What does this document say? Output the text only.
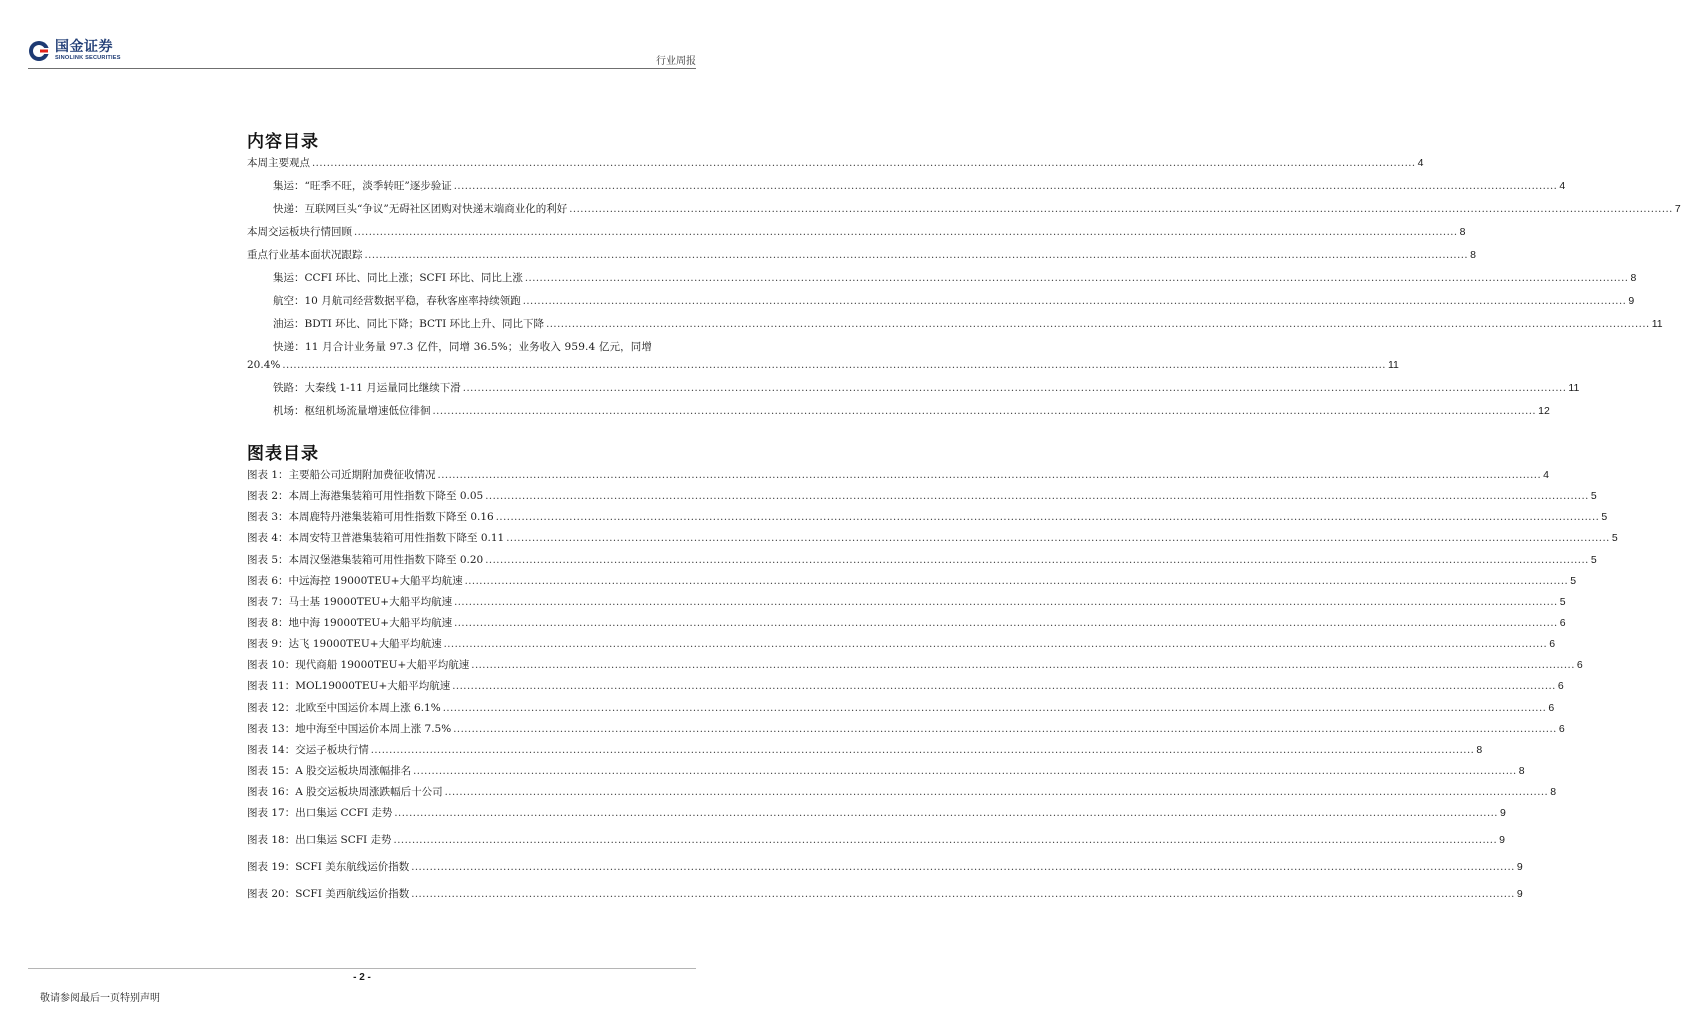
国金证券
SINOLINK SECURITIES	行业周报
内容目录
本周主要观点 ............................................................................................................................................................................................................................................................................................................ 4
集运：“旺季不旺，淡季转旺”逐步验证 ............................................................................................................................................................................................................................................................................................................ 4
快递：互联网巨头“争议”无碍社区团购对快递末端商业化的利好 ............................................................................................................................................................................................................................................................................................................ 7
本周交运板块行情回顾 ............................................................................................................................................................................................................................................................................................................ 8
重点行业基本面状况跟踪 ............................................................................................................................................................................................................................................................................................................ 8
集运：CCFI 环比、同比上涨；SCFI 环比、同比上涨 ............................................................................................................................................................................................................................................................................................................ 8
航空：10 月航司经营数据平稳，春秋客座率持续领跑 ............................................................................................................................................................................................................................................................................................................ 9
油运：BDTI 环比、同比下降；BCTI 环比上升、同比下降 ............................................................................................................................................................................................................................................................................................................ 11
快递：11 月合计业务量 97.3 亿件，同增 36.5%；业务收入 959.4 亿元，同增
20.4% ............................................................................................................................................................................................................................................................................................................ 11
铁路：大秦线 1-11 月运量同比继续下滑 ............................................................................................................................................................................................................................................................................................................ 11
机场：枢纽机场流量增速低位徘徊 ............................................................................................................................................................................................................................................................................................................ 12
图表目录
图表 1：主要船公司近期附加费征收情况 ............................................................................................................................................................................................................................................................................................................ 4
图表 2：本周上海港集装箱可用性指数下降至 0.05 ............................................................................................................................................................................................................................................................................................................ 5
图表 3：本周鹿特丹港集装箱可用性指数下降至 0.16 ............................................................................................................................................................................................................................................................................................................ 5
图表 4：本周安特卫普港集装箱可用性指数下降至 0.11 ............................................................................................................................................................................................................................................................................................................ 5
图表 5：本周汉堡港集装箱可用性指数下降至 0.20 ............................................................................................................................................................................................................................................................................................................ 5
图表 6：中远海控 19000TEU+大船平均航速 ............................................................................................................................................................................................................................................................................................................ 5
图表 7：马士基 19000TEU+大船平均航速 ............................................................................................................................................................................................................................................................................................................ 5
图表 8：地中海 19000TEU+大船平均航速 ............................................................................................................................................................................................................................................................................................................ 6
图表 9：达飞 19000TEU+大船平均航速 ............................................................................................................................................................................................................................................................................................................ 6
图表 10：现代商船 19000TEU+大船平均航速 ............................................................................................................................................................................................................................................................................................................ 6
图表 11：MOL19000TEU+大船平均航速 ............................................................................................................................................................................................................................................................................................................ 6
图表 12：北欧至中国运价本周上涨 6.1% ............................................................................................................................................................................................................................................................................................................ 6
图表 13：地中海至中国运价本周上涨 7.5% ............................................................................................................................................................................................................................................................................................................ 6
图表 14：交运子板块行情 ............................................................................................................................................................................................................................................................................................................ 8
图表 15：A 股交运板块周涨幅排名 ............................................................................................................................................................................................................................................................................................................ 8
图表 16：A 股交运板块周涨跌幅后十公司 ............................................................................................................................................................................................................................................................................................................ 8
图表 17：出口集运 CCFI 走势 ............................................................................................................................................................................................................................................................................................................ 9
图表 18：出口集运 SCFI 走势 ............................................................................................................................................................................................................................................................................................................ 9
图表 19：SCFI 美东航线运价指数 ............................................................................................................................................................................................................................................................................................................ 9
图表 20：SCFI 美西航线运价指数 ............................................................................................................................................................................................................................................................................................................ 9
- 2 -
敬请参阅最后一页特别声明
